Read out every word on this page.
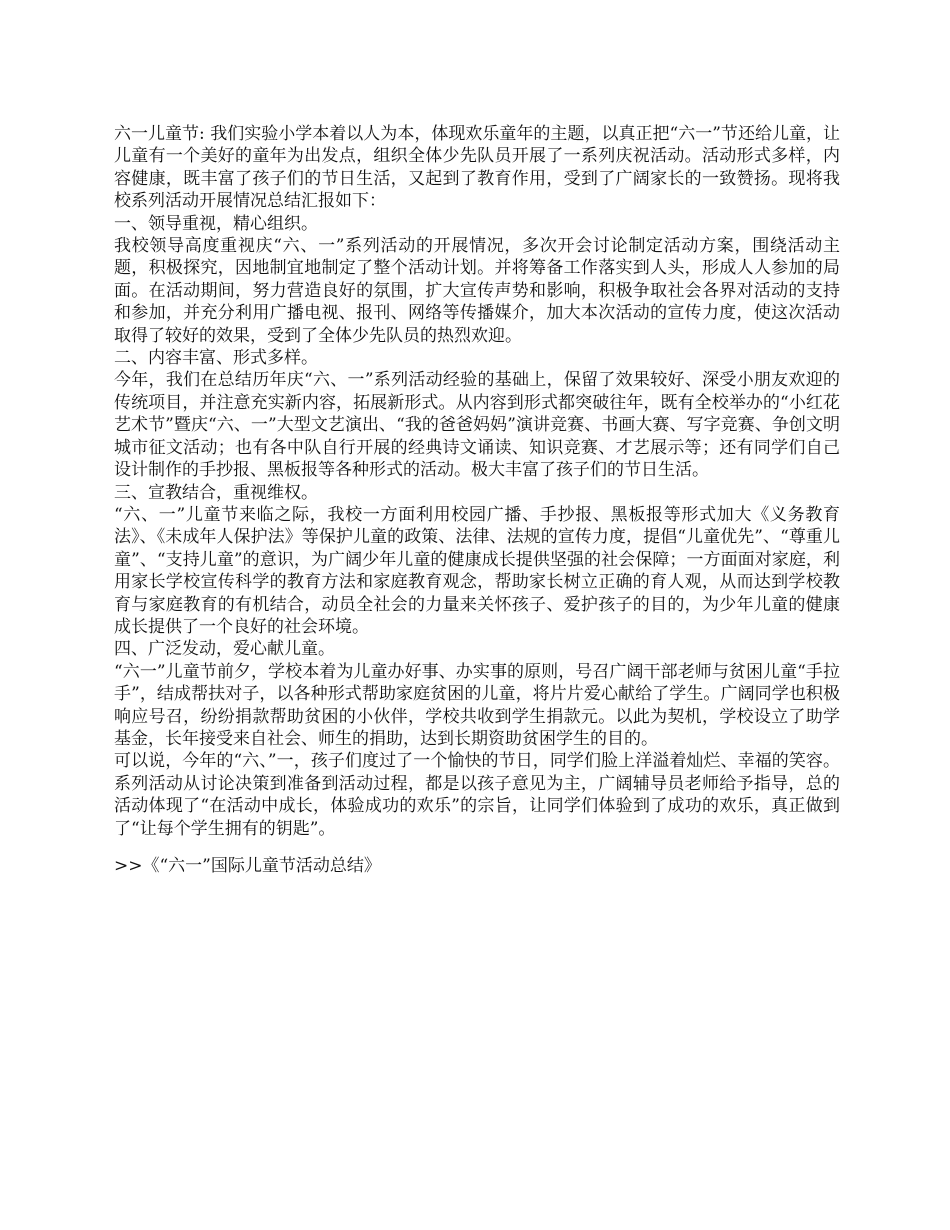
六一儿童节: 我们实验小学本着以人为本，体现欢乐童年的主题，以真正把“六一”节还给儿童，让儿童有一个美好的童年为出发点，组织全体少先队员开展了一系列庆祝活动。活动形式多样，内容健康，既丰富了孩子们的节日生活，又起到了教育作用，受到了广阔家长的一致赞扬。现将我校系列活动开展情况总结汇报如下：

一、领导重视，精心组织。

我校领导高度重视庆“六、一”系列活动的开展情况，多次开会讨论制定活动方案，围绕活动主题，积极探究，因地制宜地制定了整个活动计划。并将筹备工作落实到人头，形成人人参加的局面。在活动期间，努力营造良好的氛围，扩大宣传声势和影响，积极争取社会各界对活动的支持和参加，并充分利用广播电视、报刊、网络等传播媒介，加大本次活动的宣传力度，使这次活动取得了较好的效果，受到了全体少先队员的热烈欢迎。

二、内容丰富、形式多样。

今年，我们在总结历年庆“六、一”系列活动经验的基础上，保留了效果较好、深受小朋友欢迎的传统项目，并注意充实新内容，拓展新形式。从内容到形式都突破往年，既有全校举办的“小红花艺术节”暨庆“六、一”大型文艺演出、“我的爸爸妈妈”演讲竞赛、书画大赛、写字竞赛、争创文明城市征文活动；也有各中队自行开展的经典诗文诵读、知识竞赛、才艺展示等；还有同学们自己设计制作的手抄报、黑板报等各种形式的活动。极大丰富了孩子们的节日生活。

三、宣教结合，重视维权。

“六、一”儿童节来临之际，我校一方面利用校园广播、手抄报、黑板报等形式加大《义务教育法》、《未成年人保护法》等保护儿童的政策、法律、法规的宣传力度，提倡“儿童优先”、“尊重儿童”、“支持儿童”的意识，为广阔少年儿童的健康成长提供坚强的社会保障；一方面面对家庭，利用家长学校宣传科学的教育方法和家庭教育观念，帮助家长树立正确的育人观，从而达到学校教育与家庭教育的有机结合，动员全社会的力量来关怀孩子、爱护孩子的目的，为少年儿童的健康成长提供了一个良好的社会环境。

四、广泛发动，爱心献儿童。

“六一”儿童节前夕，学校本着为儿童办好事、办实事的原则，号召广阔干部老师与贫困儿童“手拉手”，结成帮扶对子，以各种形式帮助家庭贫困的儿童，将片片爱心献给了学生。广阔同学也积极响应号召，纷纷捐款帮助贫困的小伙伴，学校共收到学生捐款元。以此为契机，学校设立了助学基金，长年接受来自社会、师生的捐助，达到长期资助贫困学生的目的。

可以说，今年的“六、”一，孩子们度过了一个愉快的节日，同学们脸上洋溢着灿烂、幸福的笑容。系列活动从讨论决策到准备到活动过程，都是以孩子意见为主，广阔辅导员老师给予指导，总的活动体现了“在活动中成长，体验成功的欢乐”的宗旨，让同学们体验到了成功的欢乐，真正做到了“让每个学生拥有的钥匙”。

>>《“六一”国际儿童节活动总结》
